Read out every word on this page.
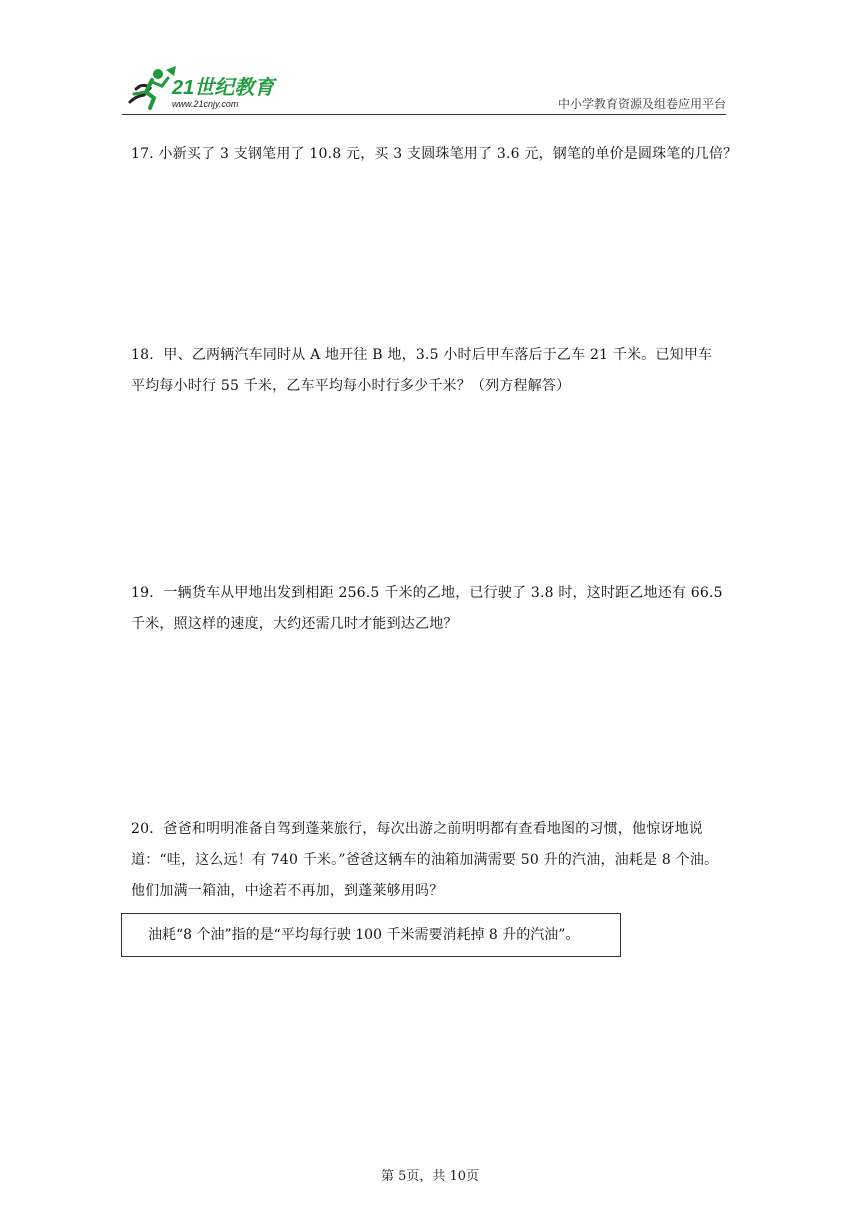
21世纪教育
www.21cnjy.com	中小学教育资源及组卷应用平台
17. 小新买了 3 支钢笔用了 10.8 元，买 3 支圆珠笔用了 3.6 元，钢笔的单价是圆珠笔的几倍？
18．甲、乙两辆汽车同时从 A 地开往 B 地，3.5 小时后甲车落后于乙车 21 千米。已知甲车
平均每小时行 55 千米，乙车平均每小时行多少千米？（列方程解答）
19．一辆货车从甲地出发到相距 256.5 千米的乙地，已行驶了 3.8 时，这时距乙地还有 66.5
千米，照这样的速度，大约还需几时才能到达乙地？
20．爸爸和明明准备自驾到蓬莱旅行，每次出游之前明明都有查看地图的习惯，他惊讶地说
道：“哇，这么远！有 740 千米。”爸爸这辆车的油箱加满需要 50 升的汽油，油耗是 8 个油。
他们加满一箱油，中途若不再加，到蓬莱够用吗？
油耗“8 个油”指的是“平均每行驶 100 千米需要消耗掉 8 升的汽油”。
第 5页，共 10页
